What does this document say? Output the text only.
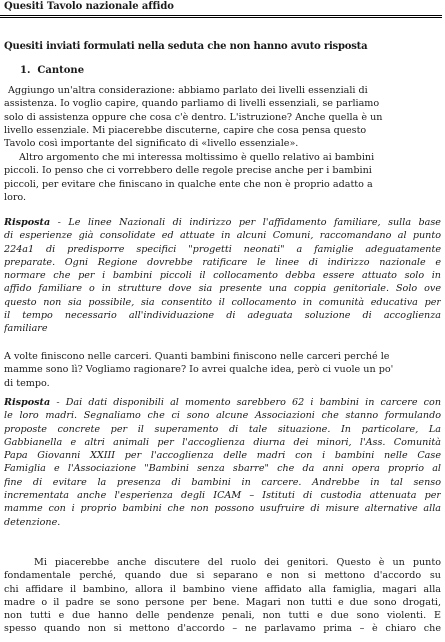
Quesiti Tavolo nazionale affido
Quesiti inviati formulati nella seduta che non hanno avuto risposta
1. Cantone
Aggiungo un'altra considerazione: abbiamo parlato dei livelli essenziali di
assistenza. Io voglio capire, quando parliamo di livelli essenziali, se parliamo
solo di assistenza oppure che cosa c'è dentro. L'istruzione? Anche quella è un
livello essenziale. Mi piacerebbe discuterne, capire che cosa pensa questo
Tavolo così importante del significato di «livello essenziale».
Altro argomento che mi interessa moltissimo è quello relativo ai bambini
piccoli. Io penso che ci vorrebbero delle regole precise anche per i bambini
piccoli, per evitare che finiscano in qualche ente che non è proprio adatto a
loro.
Risposta - Le linee Nazionali di indirizzo per l'affidamento familiare, sulla base
di esperienze già consolidate ed attuate in alcuni Comuni, raccomandano al punto
224a1 di predisporre specifici "progetti neonati" a famiglie adeguatamente
preparate. Ogni Regione dovrebbe ratificare le linee di indirizzo nazionale e
normare che per i bambini piccoli il collocamento debba essere attuato solo in
affido familiare o in strutture dove sia presente una coppia genitoriale. Solo ove
questo non sia possibile, sia consentito il collocamento in comunità educativa per
il tempo necessario all'individuazione di adeguata soluzione di accoglienza
familiare
A volte finiscono nelle carceri. Quanti bambini finiscono nelle carceri perché le
mamme sono lì? Vogliamo ragionare? Io avrei qualche idea, però ci vuole un po'
di tempo.
Risposta - Dai dati disponibili al momento sarebbero 62 i bambini in carcere con
le loro madri. Segnaliamo che ci sono alcune Associazioni che stanno formulando
proposte concrete per il superamento di tale situazione. In particolare, La
Gabbianella e altri animali per l'accoglienza diurna dei minori, l'Ass. Comunità
Papa Giovanni XXIII per l'accoglienza delle madri con i bambini nelle Case
Famiglia e l'Associazione "Bambini senza sbarre" che da anni opera proprio al
fine di evitare la presenza di bambini in carcere. Andrebbe in tal senso
incrementata anche l'esperienza degli ICAM – Istituti di custodia attenuata per
mamme con i proprio bambini che non possono usufruire di misure alternative alla
detenzione.
Mi piacerebbe anche discutere del ruolo dei genitori. Questo è un punto
fondamentale perché, quando due si separano e non si mettono d'accordo su
chi affidare il bambino, allora il bambino viene affidato alla famiglia, magari alla
madre o il padre se sono persone per bene. Magari non tutti e due sono drogati,
non tutti e due hanno delle pendenze penali, non tutti e due sono violenti. E
spesso quando non si mettono d'accordo – ne parlavamo prima – è chiaro che
